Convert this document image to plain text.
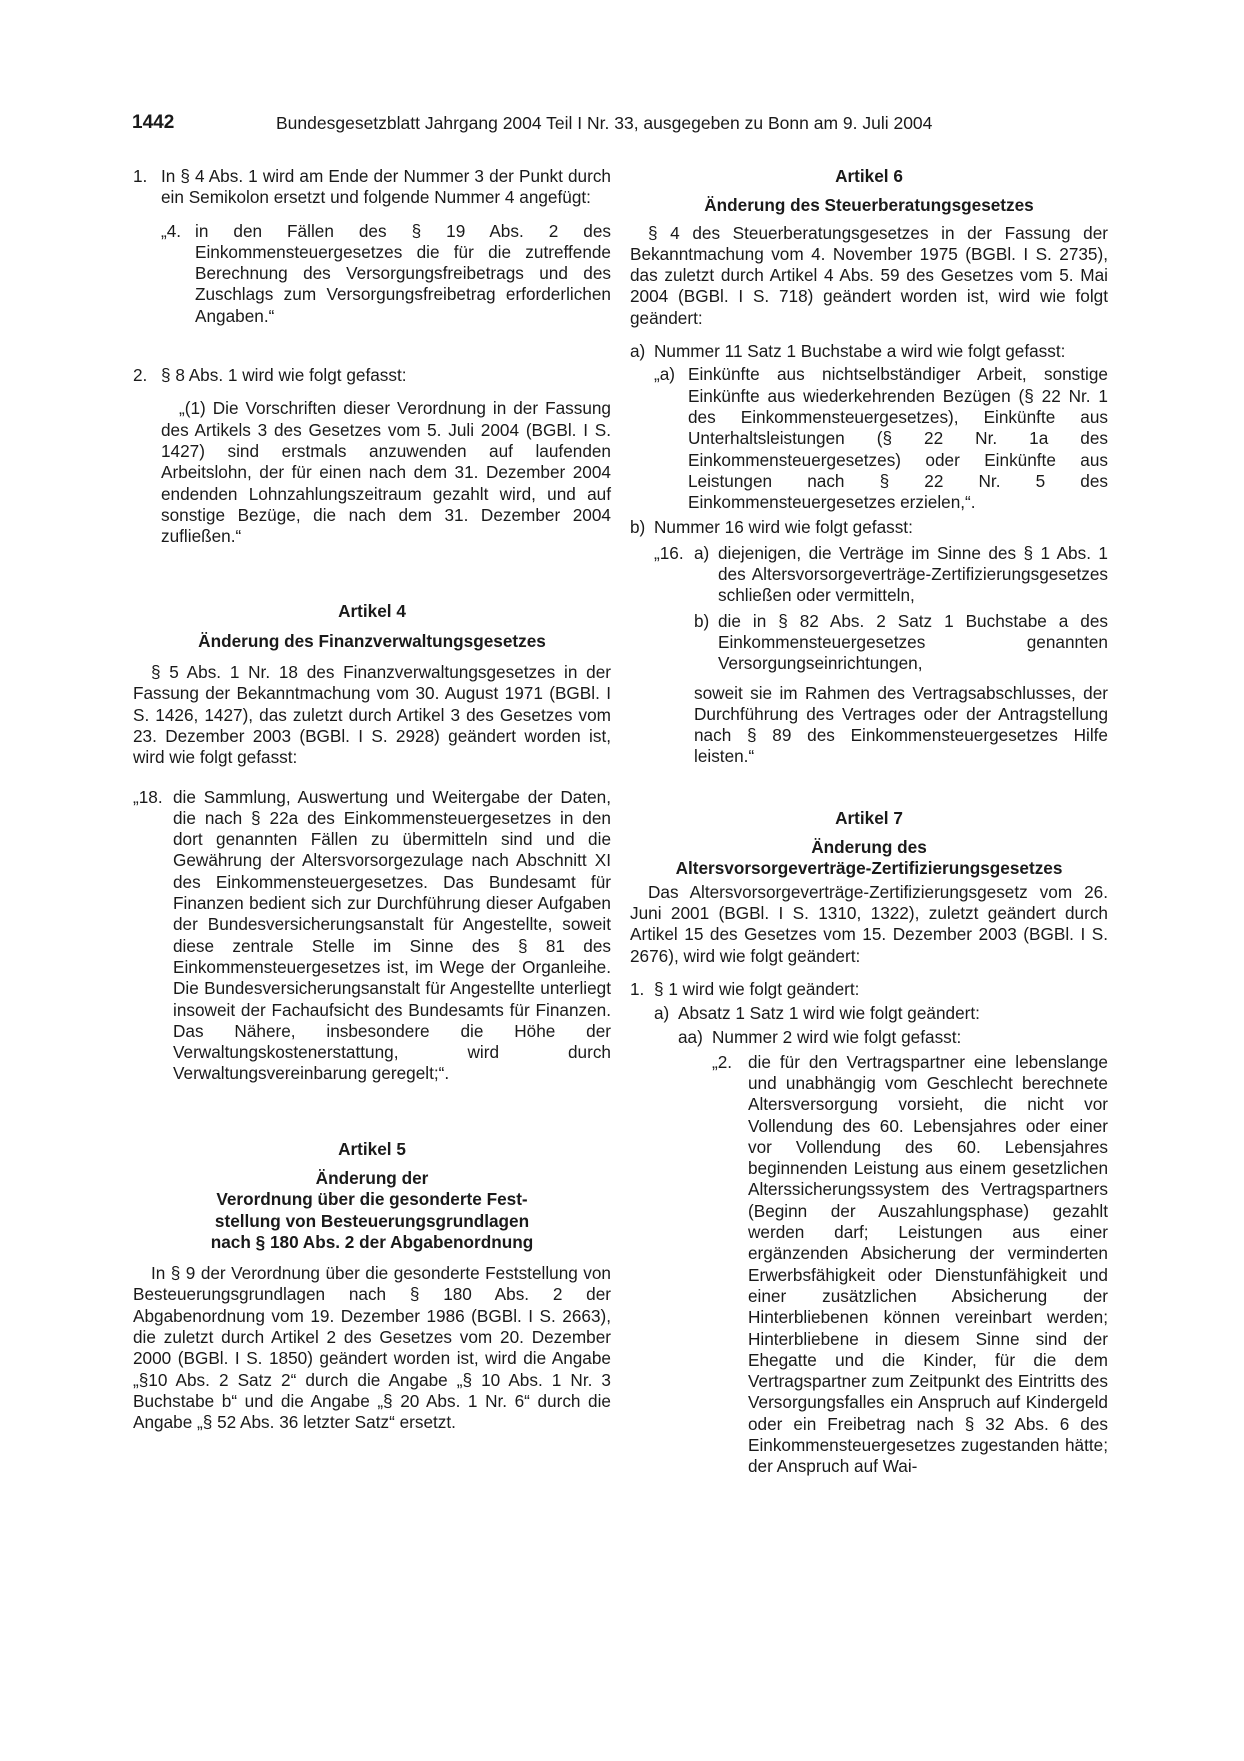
1442	Bundesgesetzblatt Jahrgang 2004 Teil I Nr. 33, ausgegeben zu Bonn am 9. Juli 2004
1. In § 4 Abs. 1 wird am Ende der Nummer 3 der Punkt durch ein Semikolon ersetzt und folgende Nummer 4 angefügt:
„4. in den Fällen des § 19 Abs. 2 des Einkommensteuergesetzes die für die zutreffende Berechnung des Versorgungsfreibetrags und des Zuschlags zum Versorgungsfreibetrag erforderlichen Angaben.“
2. § 8 Abs. 1 wird wie folgt gefasst:
„(1) Die Vorschriften dieser Verordnung in der Fassung des Artikels 3 des Gesetzes vom 5. Juli 2004 (BGBl. I S. 1427) sind erstmals anzuwenden auf laufenden Arbeitslohn, der für einen nach dem 31. Dezember 2004 endenden Lohnzahlungszeitraum gezahlt wird, und auf sonstige Bezüge, die nach dem 31. Dezember 2004 zufließen.“
Artikel 4
Änderung des Finanzverwaltungsgesetzes
§ 5 Abs. 1 Nr. 18 des Finanzverwaltungsgesetzes in der Fassung der Bekanntmachung vom 30. August 1971 (BGBl. I S. 1426, 1427), das zuletzt durch Artikel 3 des Gesetzes vom 23. Dezember 2003 (BGBl. I S. 2928) geändert worden ist, wird wie folgt gefasst:
„18. die Sammlung, Auswertung und Weitergabe der Daten, die nach § 22a des Einkommensteuergesetzes in den dort genannten Fällen zu übermitteln sind und die Gewährung der Altersvorsorgezulage nach Abschnitt XI des Einkommensteuergesetzes. Das Bundesamt für Finanzen bedient sich zur Durchführung dieser Aufgaben der Bundesversicherungsanstalt für Angestellte, soweit diese zentrale Stelle im Sinne des § 81 des Einkommensteuergesetzes ist, im Wege der Organleihe. Die Bundesversicherungsanstalt für Angestellte unterliegt insoweit der Fachaufsicht des Bundesamts für Finanzen. Das Nähere, insbesondere die Höhe der Verwaltungskostenerstattung, wird durch Verwaltungsvereinbarung geregelt;“.
Artikel 5
Änderung der
Verordnung über die gesonderte Fest-
stellung von Besteuerungsgrundlagen
nach § 180 Abs. 2 der Abgabenordnung
In § 9 der Verordnung über die gesonderte Feststellung von Besteuerungsgrundlagen nach § 180 Abs. 2 der Abgabenordnung vom 19. Dezember 1986 (BGBl. I S. 2663), die zuletzt durch Artikel 2 des Gesetzes vom 20. Dezember 2000 (BGBl. I S. 1850) geändert worden ist, wird die Angabe „§10 Abs. 2 Satz 2“ durch die Angabe „§ 10 Abs. 1 Nr. 3 Buchstabe b“ und die Angabe „§ 20 Abs. 1 Nr. 6“ durch die Angabe „§ 52 Abs. 36 letzter Satz“ ersetzt.
Artikel 6
Änderung des Steuerberatungsgesetzes
§ 4 des Steuerberatungsgesetzes in der Fassung der Bekanntmachung vom 4. November 1975 (BGBl. I S. 2735), das zuletzt durch Artikel 4 Abs. 59 des Gesetzes vom 5. Mai 2004 (BGBl. I S. 718) geändert worden ist, wird wie folgt geändert:
a) Nummer 11 Satz 1 Buchstabe a wird wie folgt gefasst:
„a) Einkünfte aus nichtselbständiger Arbeit, sonstige Einkünfte aus wiederkehrenden Bezügen (§ 22 Nr. 1 des Einkommensteuergesetzes), Einkünfte aus Unterhaltsleistungen (§ 22 Nr. 1a des Einkommensteuergesetzes) oder Einkünfte aus Leistungen nach § 22 Nr. 5 des Einkommensteuergesetzes erzielen,“.
b) Nummer 16 wird wie folgt gefasst:
„16. a) diejenigen, die Verträge im Sinne des § 1 Abs. 1 des Altersvorsorgeverträge-Zertifizierungsgesetzes schließen oder vermitteln,
b) die in § 82 Abs. 2 Satz 1 Buchstabe a des Einkommensteuergesetzes genannten Versorgungseinrichtungen,
soweit sie im Rahmen des Vertragsabschlusses, der Durchführung des Vertrages oder der Antragstellung nach § 89 des Einkommensteuergesetzes Hilfe leisten.“
Artikel 7
Änderung des
Altersvorsorgeverträge-Zertifizierungsgesetzes
Das Altersvorsorgeverträge-Zertifizierungsgesetz vom 26. Juni 2001 (BGBl. I S. 1310, 1322), zuletzt geändert durch Artikel 15 des Gesetzes vom 15. Dezember 2003 (BGBl. I S. 2676), wird wie folgt geändert:
1. § 1 wird wie folgt geändert:
a) Absatz 1 Satz 1 wird wie folgt geändert:
aa) Nummer 2 wird wie folgt gefasst:
„2. die für den Vertragspartner eine lebenslange und unabhängig vom Geschlecht berechnete Altersversorgung vorsieht, die nicht vor Vollendung des 60. Lebensjahres oder einer vor Vollendung des 60. Lebensjahres beginnenden Leistung aus einem gesetzlichen Alterssicherungssystem des Vertragspartners (Beginn der Auszahlungsphase) gezahlt werden darf; Leistungen aus einer ergänzenden Absicherung der verminderten Erwerbsfähigkeit oder Dienstunfähigkeit und einer zusätzlichen Absicherung der Hinterbliebenen können vereinbart werden; Hinterbliebene in diesem Sinne sind der Ehegatte und die Kinder, für die dem Vertragspartner zum Zeitpunkt des Eintritts des Versorgungsfalles ein Anspruch auf Kindergeld oder ein Freibetrag nach § 32 Abs. 6 des Einkommensteuergesetzes zugestanden hätte; der Anspruch auf Wai-
